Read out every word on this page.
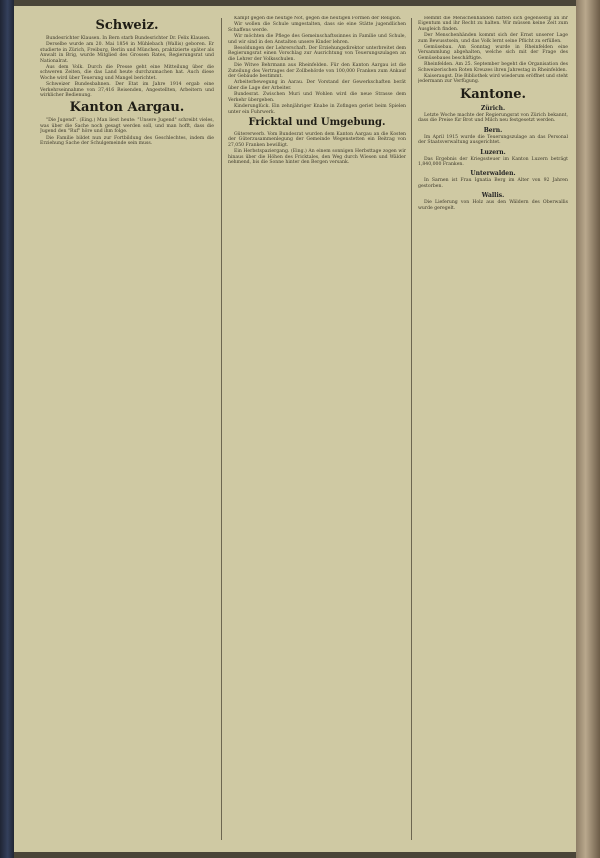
Schweiz.

Bundesrichter Klausen. In Bern starb Bundesrichter Dr. Felix Klausen.

Derselbe wurde am 20. Mai 1854 in Mühlebach (Wallis) geboren. Er studierte in Zürich, Freiburg, Berlin und München, praktizierte später als Anwalt in Brig, wurde Mitglied des Grossen Rates, Regierungsrat und Nationalrat.

Aus dem Volk. Durch die Presse geht eine Mitteilung über die schweren Zeiten, die das Land heute durchzumachen hat. Auch diese Woche wird über Teuerung und Mangel berichtet.

Schweizer Bundesbahnen. Der Etat im Jahre 1914 ergab eine Verkehrseinnahme von 37,416 Reisenden, Angestellten, Arbeitern und wirklicher Bedienung.

Kanton Aargau.

"Die Jugend". (Eing.) Man liest heute: "Unsere Jugend" schreibt vieles, was über die Sache noch gesagt werden soll, und man hofft, dass die Jugend den "Ruf" höre und ihm folge.

Die Familie bildet nun zur Fortbildung des Geschlechtes, indem die Erziehung Sache der Schulgemeinde sein muss.

Kampf gegen die heutige Not, gegen die heutigen Formen der Religion.

Wir wollen die Schule umgestalten, dass sie eine Stätte jugendlichen Schaffens werde.

Wir möchten die Pflege des Gemeinschaftssinnes in Familie und Schule, und wir sind in den Anstalten unsere Kinder lehren.

Besoldungen der Lehrerschaft. Der Erziehungsdirektor unterbreitet dem Regierungsrat einen Vorschlag zur Ausrichtung von Teuerungszulagen an die Lehrer der Volksschulen.

Die Witwe Behrmann aus Rheinfelden. Für den Kanton Aargau ist die Zuteilung des Vertrages der Zollbehörde von 100,000 Franken zum Ankauf der Gebäude bestimmt.

Arbeiterbewegung in Aarau. Der Vorstand der Gewerkschaften berät über die Lage der Arbeiter.

Bundesrat. Zwischen Muri und Wohlen wird die neue Strasse dem Verkehr übergeben.

Kinderunglück. Ein zehnjähriger Knabe in Zofingen geriet beim Spielen unter ein Fuhrwerk.

Fricktal und Umgebung.

Gütererwerb. Vom Bundesrat wurden dem Kanton Aargau an die Kosten der Güterzusammenlegung der Gemeinde Wegenstetten ein Beitrag von 27,050 Franken bewilligt.

Ein Herbstspaziergang. (Eing.) An einem sonnigen Herbsttage zogen wir hinaus über die Höhen des Fricktales, den Weg durch Wiesen und Wälder nehmend, bis die Sonne hinter den Bergen versank.

Hemmt die Menschenhänden hätten sich gegenseitig an ihr Eigentum und ihr Recht zu halten. Wir müssen keine Zeit zum Ausgleich finden.

Der Menschenhänden kommt sich der Ernst unserer Lage zum Bewusstsein, und das Volk lernt seine Pflicht zu erfüllen.

Gemüsebau. Am Sonntag wurde in Rheinfelden eine Versammlung abgehalten, welche sich mit der Frage des Gemüsebaues beschäftigte.

Rheinfelden. Am 25. September begeht die Organisation des Schweizerischen Roten Kreuzes ihren Jahrestag in Rheinfelden.

Kaiseraugst. Die Bibliothek wird wiederum eröffnet und steht jedermann zur Verfügung.

Kantone.
Zürich.

Letzte Woche machte der Regierungsrat von Zürich bekannt, dass die Preise für Brot und Milch neu festgesetzt werden.

Bern.

Im April 1915 wurde die Teuerungszulage an das Personal der Staatsverwaltung ausgerichtet.

Luzern.

Das Ergebnis der Kriegssteuer im Kanton Luzern beträgt 1,840,000 Franken.

Unterwalden.

In Sarnen ist Frau Ignatia Berg im Alter von 92 Jahren gestorben.

Wallis.

Die Lieferung von Holz aus den Wäldern des Oberwallis wurde geregelt.
